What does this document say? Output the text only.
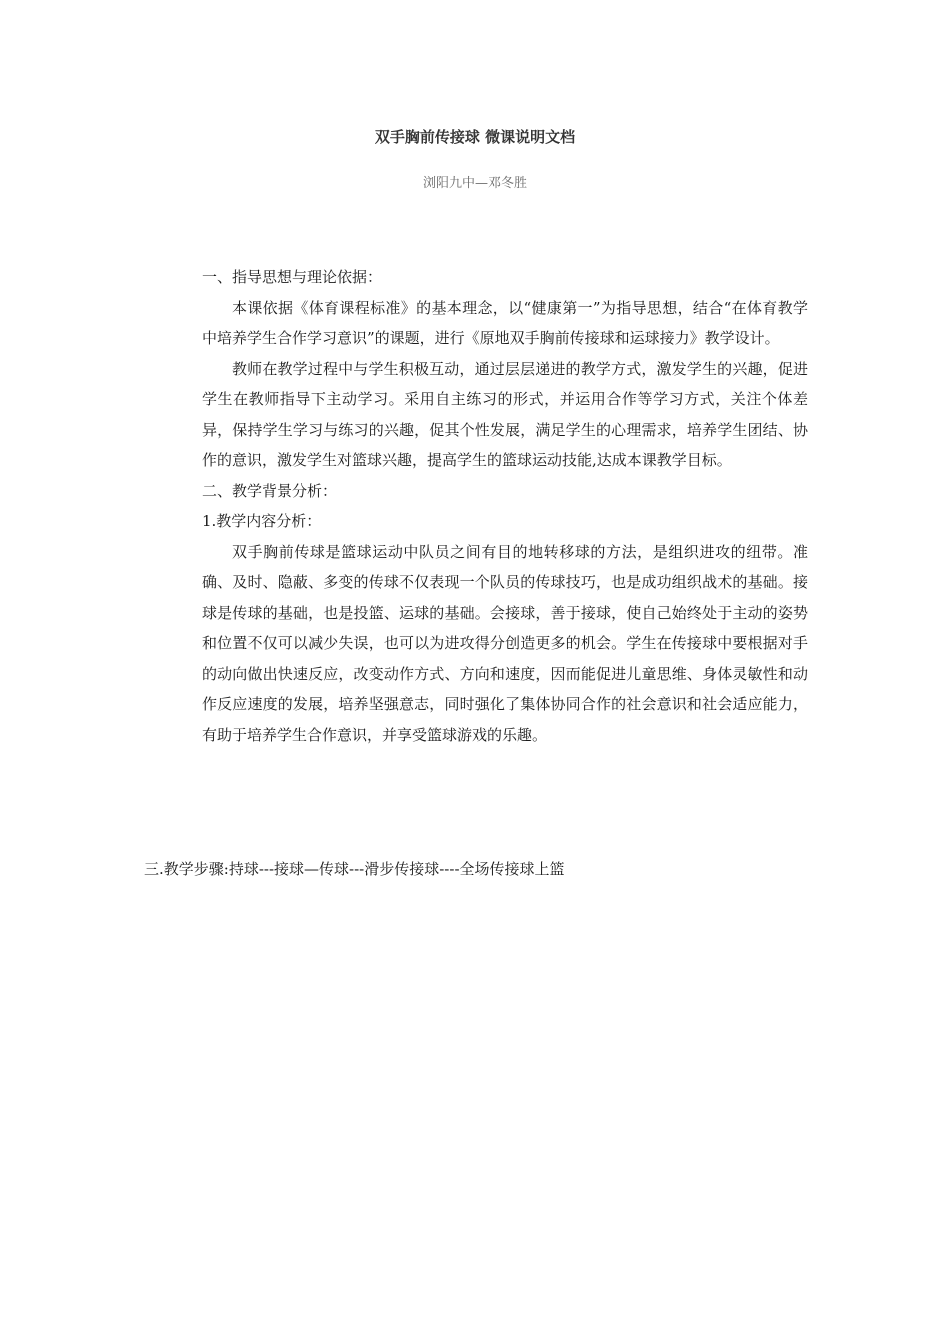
双手胸前传接球 微课说明文档
浏阳九中—邓冬胜

一、指导思想与理论依据：

本课依据《体育课程标准》的基本理念，以“健康第一”为指导思想，结合“在体育教学中培养学生合作学习意识”的课题，进行《原地双手胸前传接球和运球接力》教学设计。

教师在教学过程中与学生积极互动，通过层层递进的教学方式，激发学生的兴趣，促进学生在教师指导下主动学习。采用自主练习的形式，并运用合作等学习方式，关注个体差异，保持学生学习与练习的兴趣，促其个性发展，满足学生的心理需求，培养学生团结、协作的意识，激发学生对篮球兴趣，提高学生的篮球运动技能,达成本课教学目标。

二、教学背景分析：

1.教学内容分析：

双手胸前传球是篮球运动中队员之间有目的地转移球的方法，是组织进攻的纽带。准确、及时、隐蔽、多变的传球不仅表现一个队员的传球技巧，也是成功组织战术的基础。接球是传球的基础，也是投篮、运球的基础。会接球，善于接球，使自己始终处于主动的姿势和位置不仅可以减少失误，也可以为进攻得分创造更多的机会。学生在传接球中要根据对手的动向做出快速反应，改变动作方式、方向和速度，因而能促进儿童思维、身体灵敏性和动作反应速度的发展，培养坚强意志，同时强化了集体协同合作的社会意识和社会适应能力，有助于培养学生合作意识，并享受篮球游戏的乐趣。

三.教学步骤:持球---接球—传球---滑步传接球----全场传接球上篮
